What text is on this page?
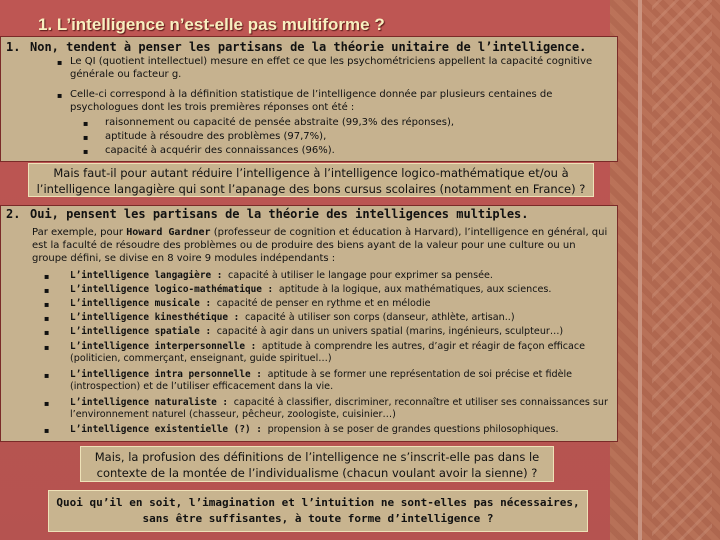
1. L’intelligence n’est-elle pas multiforme ?
1. Non, tendent à penser les partisans de la théorie unitaire de l’intelligence.
▪ Le QI (quotient intellectuel) mesure en effet ce que les psychométriciens appellent la capacité cognitive générale ou facteur g.
▪ Celle-ci correspond à la définition statistique de l’intelligence donnée par plusieurs centaines de psychologues dont les trois premières réponses ont été :
▪ raisonnement ou capacité de pensée abstraite (99,3% des réponses),
▪ aptitude à résoudre des problèmes (97,7%),
▪ capacité à acquérir des connaissances (96%).
Mais faut-il pour autant réduire l’intelligence à l’intelligence logico-mathématique et/ou à l’intelligence langagière qui sont l’apanage des bons cursus scolaires (notamment en France) ?
2. Oui, pensent les partisans de la théorie des intelligences multiples.
Par exemple, pour Howard Gardner (professeur de cognition et éducation à Harvard), l’intelligence en général, qui est la faculté de résoudre des problèmes ou de produire des biens ayant de la valeur pour une culture ou un groupe défini, se divise en 8 voire 9 modules indépendants :
▪ L’intelligence langagière : capacité à utiliser le langage pour exprimer sa pensée.
▪ L’intelligence logico-mathématique : aptitude à la logique, aux mathématiques, aux sciences.
▪ L’intelligence musicale : capacité de penser en rythme et en mélodie
▪ L’intelligence kinesthétique : capacité à utiliser son corps (danseur, athlète, artisan..)
▪ L’intelligence spatiale : capacité à agir dans un univers spatial (marins, ingénieurs, sculpteur…)
▪ L’intelligence interpersonnelle : aptitude à comprendre les autres, d’agir et réagir de façon efficace (politicien, commerçant, enseignant, guide spirituel…)
▪ L’intelligence intra personnelle : aptitude à se former une représentation de soi précise et fidèle (introspection) et de l’utiliser efficacement dans la vie.
▪ L’intelligence naturaliste : capacité à classifier, discriminer, reconnaître et utiliser ses connaissances sur l’environnement naturel (chasseur, pêcheur, zoologiste, cuisinier…)
▪ L’intelligence existentielle (?) : propension à se poser de grandes questions philosophiques.
Mais, la profusion des définitions de l’intelligence ne s’inscrit-elle pas dans le contexte de la montée de l’individualisme (chacun voulant avoir la sienne) ?
Quoi qu’il en soit, l’imagination et l’intuition ne sont-elles pas nécessaires, sans être suffisantes, à toute forme d’intelligence ?
